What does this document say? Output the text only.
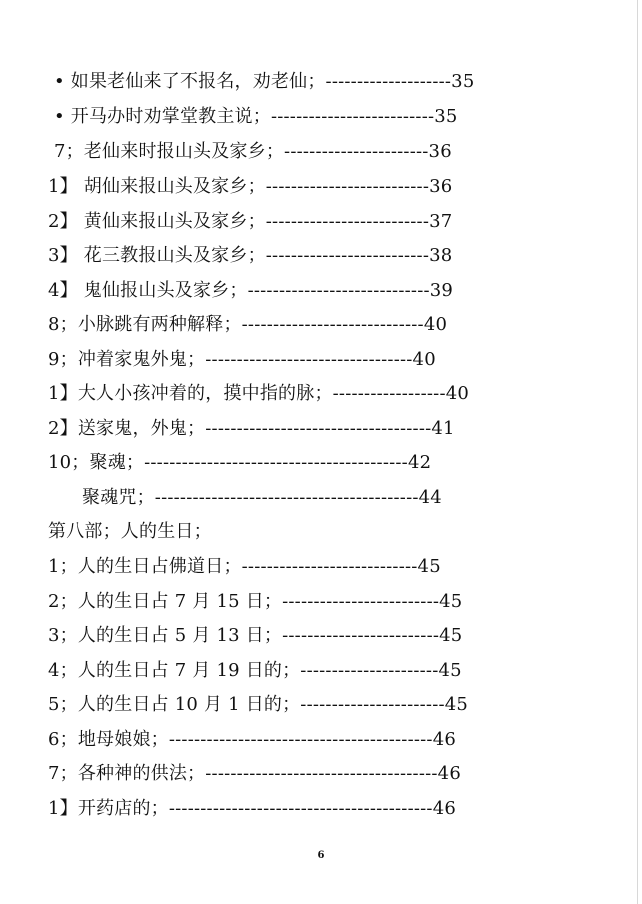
• 如果老仙来了不报名，劝老仙；--------------------35
• 开马办时劝掌堂教主说；--------------------------35
7；老仙来时报山头及家乡；-----------------------36
1】 胡仙来报山头及家乡；--------------------------36
2】 黄仙来报山头及家乡；--------------------------37
3】 花三教报山头及家乡；--------------------------38
4】 鬼仙报山头及家乡；-----------------------------39
8；小脉跳有两种解释；-----------------------------40
9；冲着家鬼外鬼；---------------------------------40
1】大人小孩冲着的，摸中指的脉；------------------40
2】送家鬼，外鬼；------------------------------------41
10；聚魂；------------------------------------------42
聚魂咒；------------------------------------------44
第八部；人的生日；
1；人的生日占佛道日；----------------------------45
2；人的生日占 7 月 15 日；-------------------------45
3；人的生日占 5 月 13 日；-------------------------45
4；人的生日占 7 月 19 日的；----------------------45
5；人的生日占 10 月 1 日的；-----------------------45
6；地母娘娘；------------------------------------------46
7；各种神的供法；-------------------------------------46
1】开药店的；------------------------------------------46
6
